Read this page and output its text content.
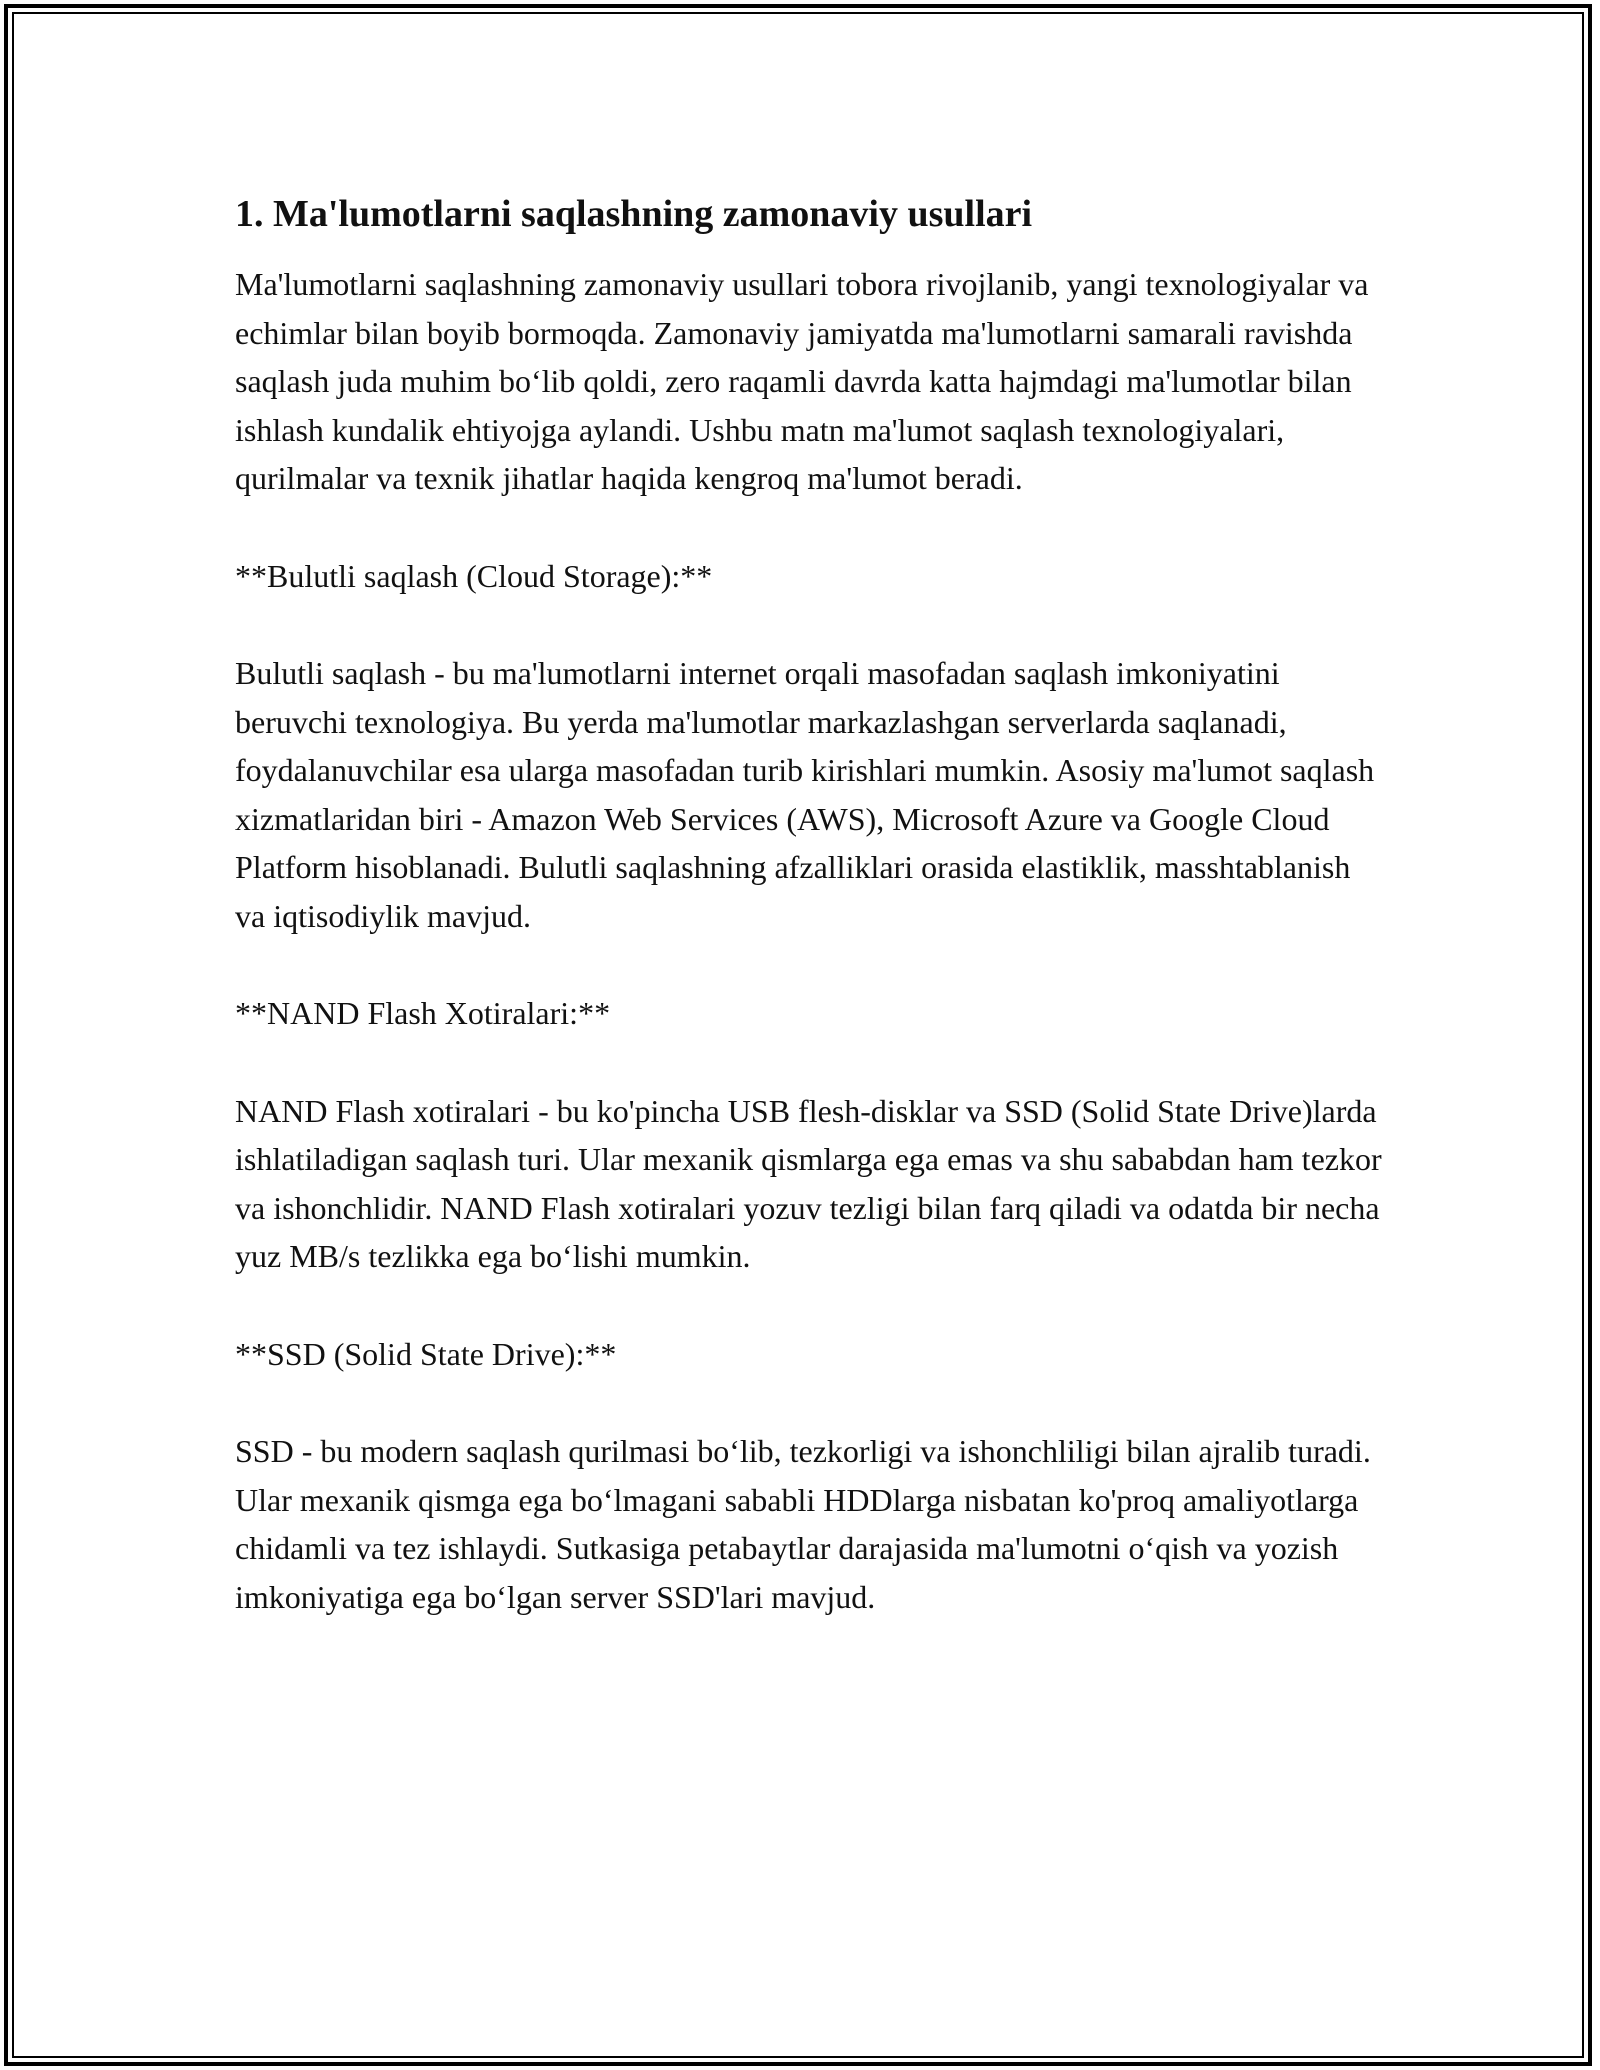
1. Ma'lumotlarni saqlashning zamonaviy usullari

Ma'lumotlarni saqlashning zamonaviy usullari tobora rivojlanib, yangi texnologiyalar va echimlar bilan boyib bormoqda. Zamonaviy jamiyatda ma'lumotlarni samarali ravishda saqlash juda muhim bo‘lib qoldi, zero raqamli davrda katta hajmdagi ma'lumotlar bilan ishlash kundalik ehtiyojga aylandi. Ushbu matn ma'lumot saqlash texnologiyalari, qurilmalar va texnik jihatlar haqida kengroq ma'lumot beradi.

**Bulutli saqlash (Cloud Storage):**

Bulutli saqlash - bu ma'lumotlarni internet orqali masofadan saqlash imkoniyatini beruvchi texnologiya. Bu yerda ma'lumotlar markazlashgan serverlarda saqlanadi, foydalanuvchilar esa ularga masofadan turib kirishlari mumkin. Asosiy ma'lumot saqlash xizmatlaridan biri - Amazon Web Services (AWS), Microsoft Azure va Google Cloud Platform hisoblanadi. Bulutli saqlashning afzalliklari orasida elastiklik, masshtablanish va iqtisodiylik mavjud.

**NAND Flash Xotiralari:**

NAND Flash xotiralari - bu ko'pincha USB flesh-disklar va SSD (Solid State Drive)larda ishlatiladigan saqlash turi. Ular mexanik qismlarga ega emas va shu sababdan ham tezkor va ishonchlidir. NAND Flash xotiralari yozuv tezligi bilan farq qiladi va odatda bir necha yuz MB/s tezlikka ega bo‘lishi mumkin.

**SSD (Solid State Drive):**

SSD - bu modern saqlash qurilmasi bo‘lib, tezkorligi va ishonchliligi bilan ajralib turadi. Ular mexanik qismga ega bo‘lmagani sababli HDDlarga nisbatan ko'proq amaliyotlarga chidamli va tez ishlaydi. Sutkasiga petabaytlar darajasida ma'lumotni o‘qish va yozish imkoniyatiga ega bo‘lgan server SSD'lari mavjud.
